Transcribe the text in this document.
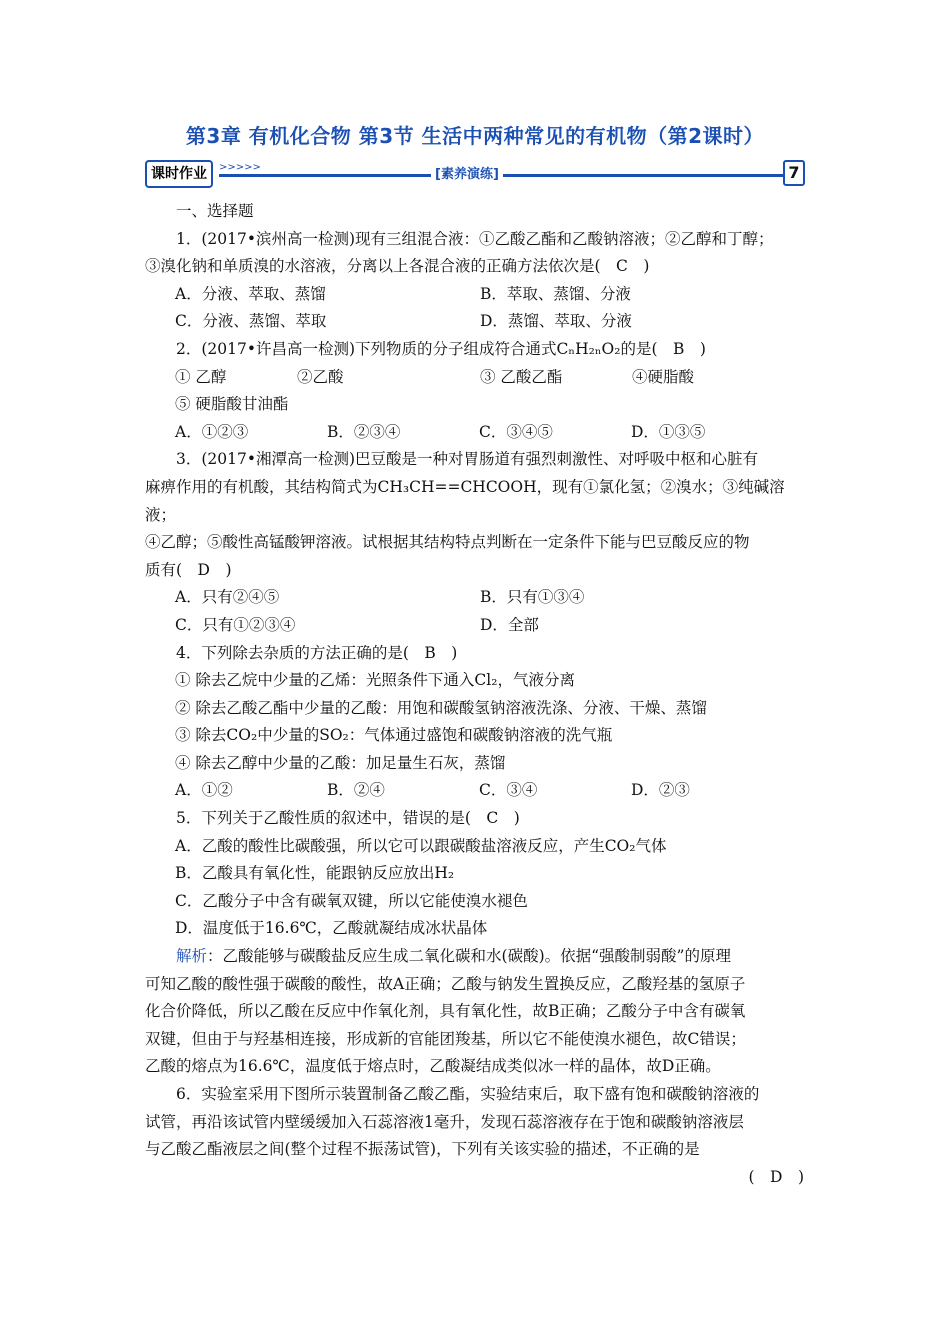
第3章 有机化合物 第3节 生活中两种常见的有机物（第2课时）
课时作业	>>>>>	[素养演练]	7

一、选择题

1．(2017•滨州高一检测)现有三组混合液：①乙酸乙酯和乙酸钠溶液；②乙醇和丁醇；

③溴化钠和单质溴的水溶液，分离以上各混合液的正确方法依次是(　C　)

A．分液、萃取、蒸馏	B．萃取、蒸馏、分液
C．分液、蒸馏、萃取	D．蒸馏、萃取、分液

2．(2017•许昌高一检测)下列物质的分子组成符合通式CₙH₂ₙO₂的是(　B　)

① 乙醇	②乙酸	③ 乙酸乙酯	④硬脂酸

⑤ 硬脂酸甘油酯

A．①②③	B．②③④	C．③④⑤	D．①③⑤

3．(2017•湘潭高一检测)巴豆酸是一种对胃肠道有强烈刺激性、对呼吸中枢和心脏有

麻痹作用的有机酸，其结构简式为CH₃CH==CHCOOH，现有①氯化氢；②溴水；③纯碱溶液；

④乙醇；⑤酸性高锰酸钾溶液。试根据其结构特点判断在一定条件下能与巴豆酸反应的物

质有(　D　)

A．只有②④⑤	B．只有①③④
C．只有①②③④	D．全部

4．下列除去杂质的方法正确的是(　B　)

① 除去乙烷中少量的乙烯：光照条件下通入Cl₂，气液分离

② 除去乙酸乙酯中少量的乙酸：用饱和碳酸氢钠溶液洗涤、分液、干燥、蒸馏

③ 除去CO₂中少量的SO₂：气体通过盛饱和碳酸钠溶液的洗气瓶

④ 除去乙醇中少量的乙酸：加足量生石灰，蒸馏

A．①②	B．②④	C．③④	D．②③

5．下列关于乙酸性质的叙述中，错误的是(　C　)

A．乙酸的酸性比碳酸强，所以它可以跟碳酸盐溶液反应，产生CO₂气体

B．乙酸具有氧化性，能跟钠反应放出H₂

C．乙酸分子中含有碳氧双键，所以它能使溴水褪色

D．温度低于16.6℃，乙酸就凝结成冰状晶体

解析：乙酸能够与碳酸盐反应生成二氧化碳和水(碳酸)。依据“强酸制弱酸”的原理

可知乙酸的酸性强于碳酸的酸性，故A正确；乙酸与钠发生置换反应，乙酸羟基的氢原子

化合价降低，所以乙酸在反应中作氧化剂，具有氧化性，故B正确；乙酸分子中含有碳氧

双键，但由于与羟基相连接，形成新的官能团羧基，所以它不能使溴水褪色，故C错误；

乙酸的熔点为16.6℃，温度低于熔点时，乙酸凝结成类似冰一样的晶体，故D正确。

6．实验室采用下图所示装置制备乙酸乙酯，实验结束后，取下盛有饱和碳酸钠溶液的

试管，再沿该试管内壁缓缓加入石蕊溶液1毫升，发现石蕊溶液存在于饱和碳酸钠溶液层

与乙酸乙酯液层之间(整个过程不振荡试管)，下列有关该实验的描述，不正确的是

(　D　)
